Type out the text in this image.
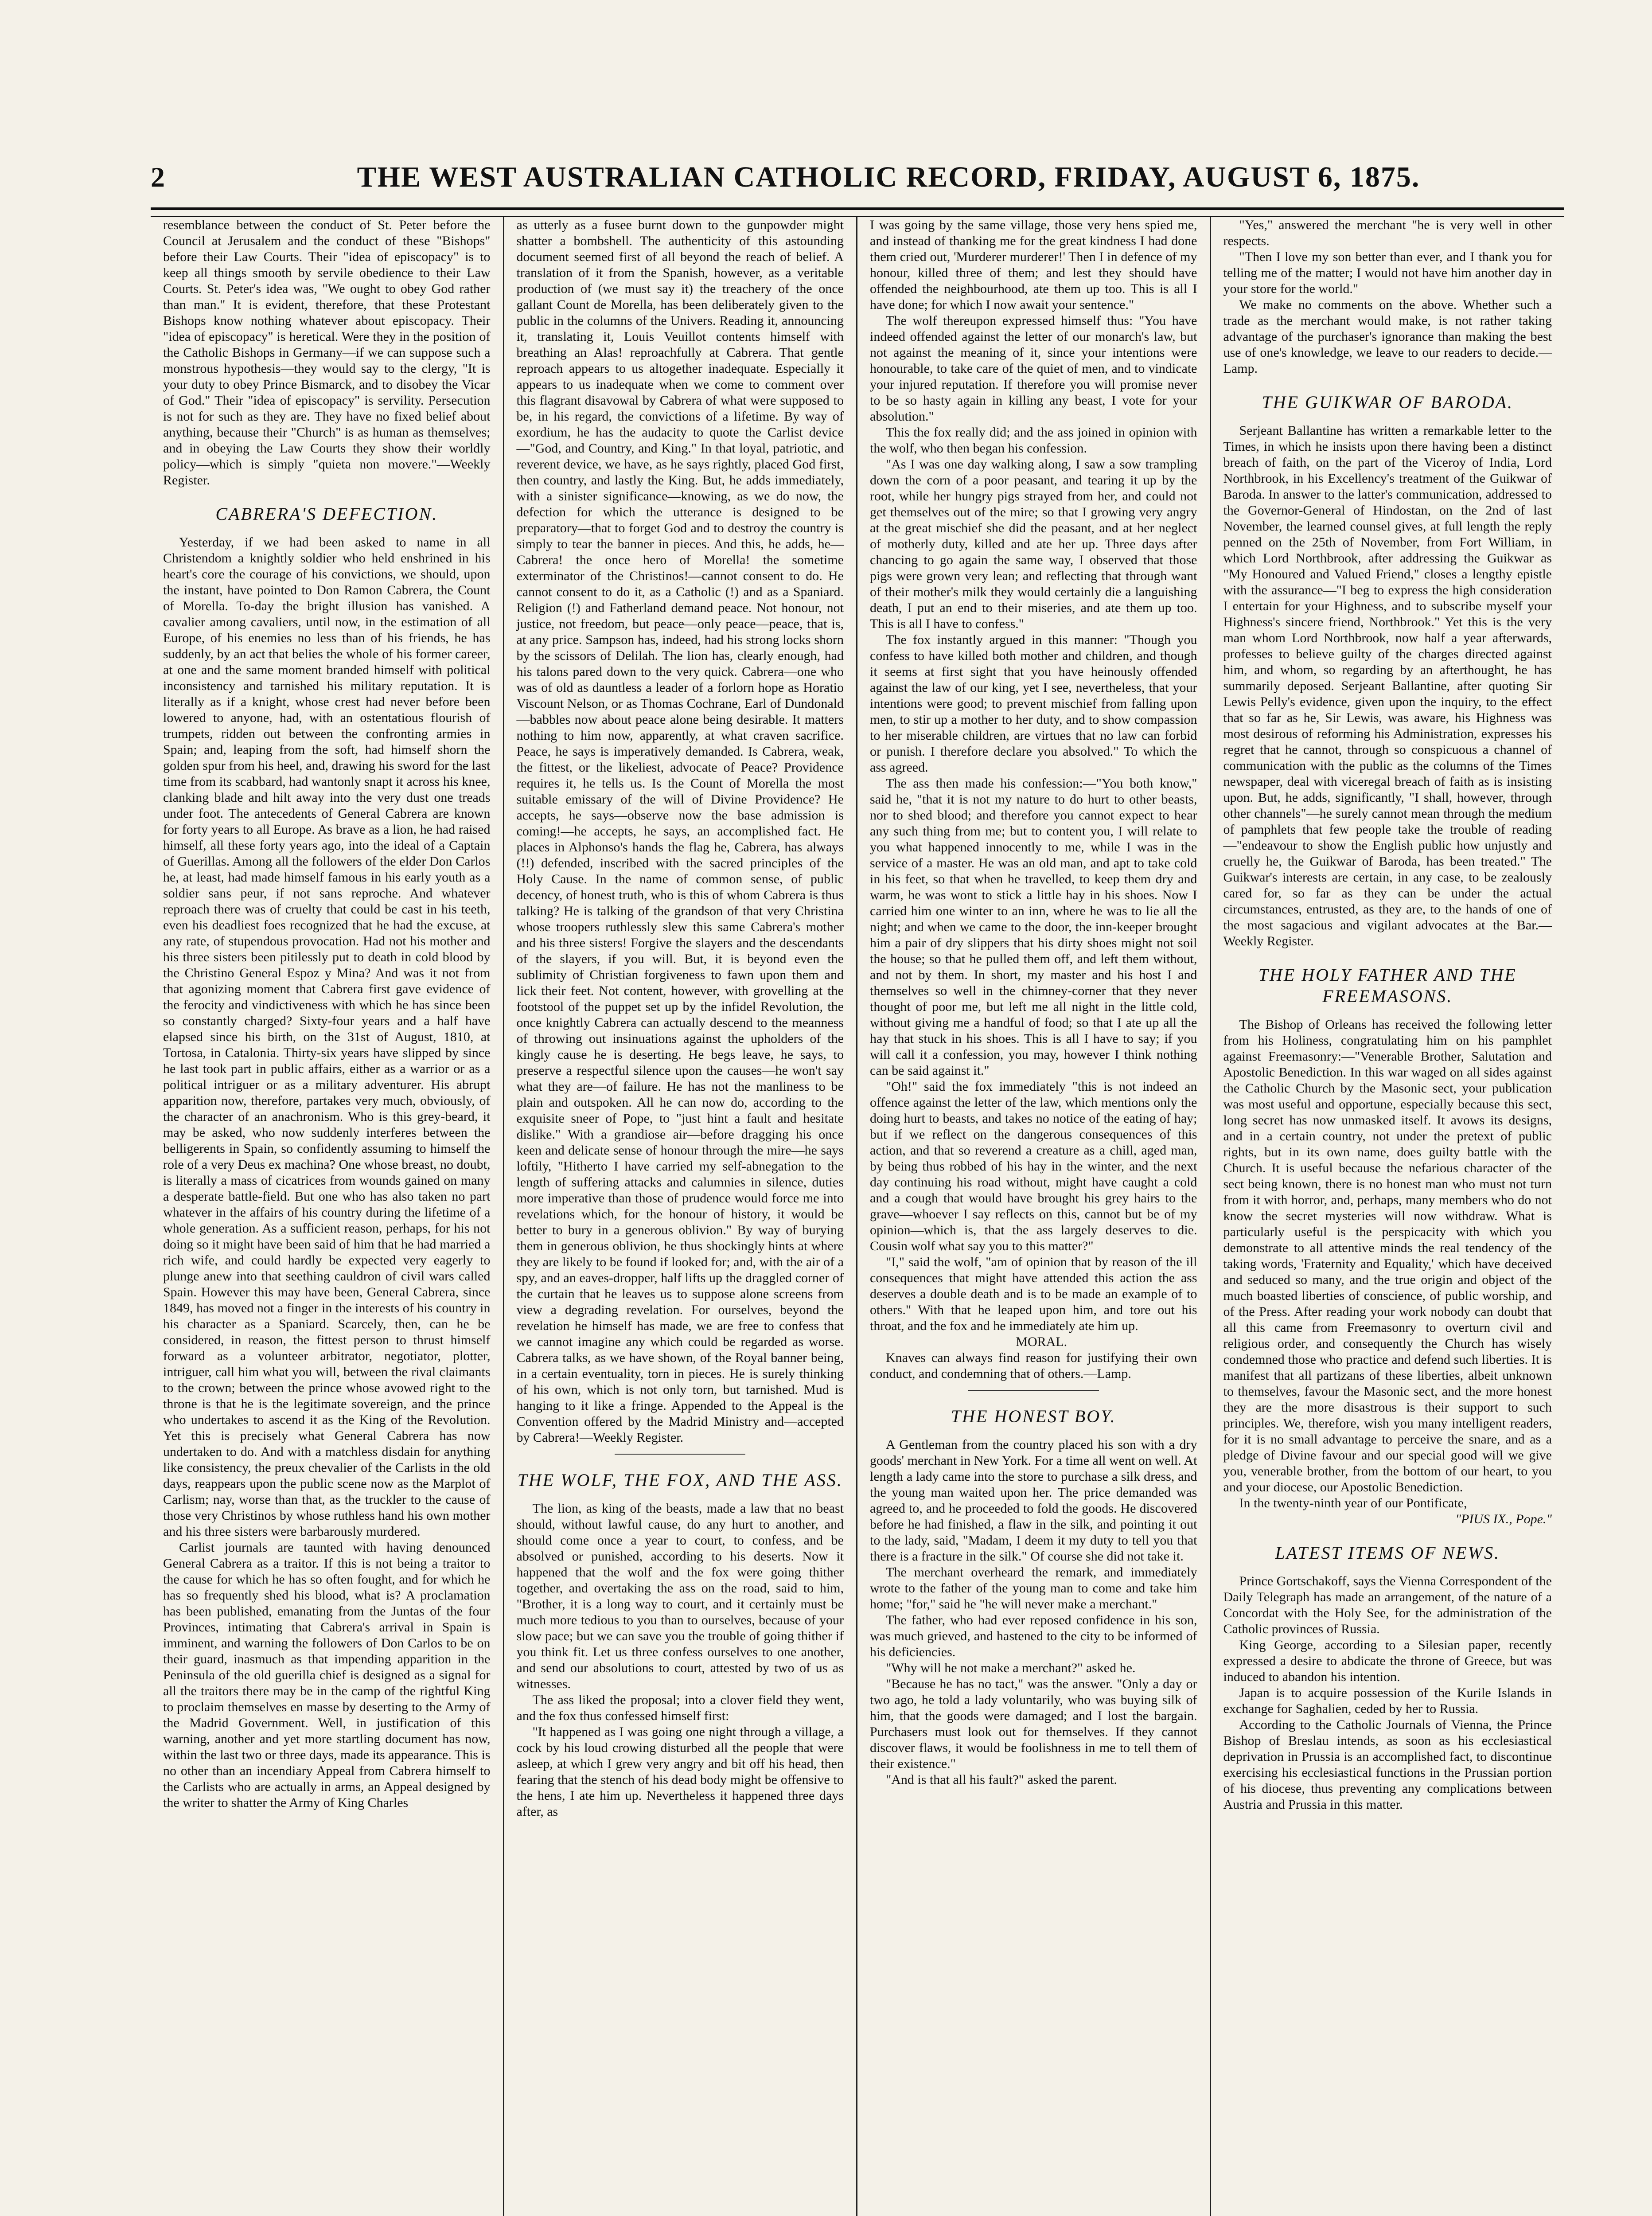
2	THE WEST AUSTRALIAN CATHOLIC RECORD, FRIDAY, AUGUST 6, 1875.

resemblance between the conduct of St. Peter before the Council at Jerusalem and the conduct of these "Bishops" before their Law Courts. Their "idea of episcopacy" is to keep all things smooth by servile obedience to their Law Courts. St. Peter's idea was, "We ought to obey God rather than man." It is evident, therefore, that these Protestant Bishops know nothing whatever about episcopacy. Their "idea of episcopacy" is heretical. Were they in the position of the Catholic Bishops in Germany—if we can suppose such a monstrous hypothesis—they would say to the clergy, "It is your duty to obey Prince Bismarck, and to disobey the Vicar of God." Their "idea of episcopacy" is servility. Persecution is not for such as they are. They have no fixed belief about anything, because their "Church" is as human as themselves; and in obeying the Law Courts they show their worldly policy—which is simply "quieta non movere."—Weekly Register.

CABRERA'S DEFECTION.

Yesterday, if we had been asked to name in all Christendom a knightly soldier who held enshrined in his heart's core the courage of his convictions, we should, upon the instant, have pointed to Don Ramon Cabrera, the Count of Morella. To-day the bright illusion has vanished. A cavalier among cavaliers, until now, in the estimation of all Europe, of his enemies no less than of his friends, he has suddenly, by an act that belies the whole of his former career, at one and the same moment branded himself with political inconsistency and tarnished his military reputation. It is literally as if a knight, whose crest had never before been lowered to anyone, had, with an ostentatious flourish of trumpets, ridden out between the confronting armies in Spain; and, leaping from the soft, had himself shorn the golden spur from his heel, and, drawing his sword for the last time from its scabbard, had wantonly snapt it across his knee, clanking blade and hilt away into the very dust one treads under foot. The antecedents of General Cabrera are known for forty years to all Europe. As brave as a lion, he had raised himself, all these forty years ago, into the ideal of a Captain of Guerillas. Among all the followers of the elder Don Carlos he, at least, had made himself famous in his early youth as a soldier sans peur, if not sans reproche. And whatever reproach there was of cruelty that could be cast in his teeth, even his deadliest foes recognized that he had the excuse, at any rate, of stupendous provocation. Had not his mother and his three sisters been pitilessly put to death in cold blood by the Christino General Espoz y Mina? And was it not from that agonizing moment that Cabrera first gave evidence of the ferocity and vindictiveness with which he has since been so constantly charged? Sixty-four years and a half have elapsed since his birth, on the 31st of August, 1810, at Tortosa, in Catalonia. Thirty-six years have slipped by since he last took part in public affairs, either as a warrior or as a political intriguer or as a military adventurer. His abrupt apparition now, therefore, partakes very much, obviously, of the character of an anachronism. Who is this grey-beard, it may be asked, who now suddenly interferes between the belligerents in Spain, so confidently assuming to himself the role of a very Deus ex machina? One whose breast, no doubt, is literally a mass of cicatrices from wounds gained on many a desperate battle-field. But one who has also taken no part whatever in the affairs of his country during the lifetime of a whole generation. As a sufficient reason, perhaps, for his not doing so it might have been said of him that he had married a rich wife, and could hardly be expected very eagerly to plunge anew into that seething cauldron of civil wars called Spain. However this may have been, General Cabrera, since 1849, has moved not a finger in the interests of his country in his character as a Spaniard. Scarcely, then, can he be considered, in reason, the fittest person to thrust himself forward as a volunteer arbitrator, negotiator, plotter, intriguer, call him what you will, between the rival claimants to the crown; between the prince whose avowed right to the throne is that he is the legitimate sovereign, and the prince who undertakes to ascend it as the King of the Revolution. Yet this is precisely what General Cabrera has now undertaken to do. And with a matchless disdain for anything like consistency, the preux chevalier of the Carlists in the old days, reappears upon the public scene now as the Marplot of Carlism; nay, worse than that, as the truckler to the cause of those very Christinos by whose ruthless hand his own mother and his three sisters were barbarously murdered.

Carlist journals are taunted with having denounced General Cabrera as a traitor. If this is not being a traitor to the cause for which he has so often fought, and for which he has so frequently shed his blood, what is? A proclamation has been published, emanating from the Juntas of the four Provinces, intimating that Cabrera's arrival in Spain is imminent, and warning the followers of Don Carlos to be on their guard, inasmuch as that impending apparition in the Peninsula of the old guerilla chief is designed as a signal for all the traitors there may be in the camp of the rightful King to proclaim themselves en masse by deserting to the Army of the Madrid Government. Well, in justification of this warning, another and yet more startling document has now, within the last two or three days, made its appearance. This is no other than an incendiary Appeal from Cabrera himself to the Carlists who are actually in arms, an Appeal designed by the writer to shatter the Army of King Charles

as utterly as a fusee burnt down to the gunpowder might shatter a bombshell. The authenticity of this astounding document seemed first of all beyond the reach of belief. A translation of it from the Spanish, however, as a veritable production of (we must say it) the treachery of the once gallant Count de Morella, has been deliberately given to the public in the columns of the Univers. Reading it, announcing it, translating it, Louis Veuillot contents himself with breathing an Alas! reproachfully at Cabrera. That gentle reproach appears to us altogether inadequate. Especially it appears to us inadequate when we come to comment over this flagrant disavowal by Cabrera of what were supposed to be, in his regard, the convictions of a lifetime. By way of exordium, he has the audacity to quote the Carlist device—"God, and Country, and King." In that loyal, patriotic, and reverent device, we have, as he says rightly, placed God first, then country, and lastly the King. But, he adds immediately, with a sinister significance—knowing, as we do now, the defection for which the utterance is designed to be preparatory—that to forget God and to destroy the country is simply to tear the banner in pieces. And this, he adds, he—Cabrera! the once hero of Morella! the sometime exterminator of the Christinos!—cannot consent to do. He cannot consent to do it, as a Catholic (!) and as a Spaniard. Religion (!) and Fatherland demand peace. Not honour, not justice, not freedom, but peace—only peace—peace, that is, at any price. Sampson has, indeed, had his strong locks shorn by the scissors of Delilah. The lion has, clearly enough, had his talons pared down to the very quick. Cabrera—one who was of old as dauntless a leader of a forlorn hope as Horatio Viscount Nelson, or as Thomas Cochrane, Earl of Dundonald—babbles now about peace alone being desirable. It matters nothing to him now, apparently, at what craven sacrifice. Peace, he says is imperatively demanded. Is Cabrera, weak, the fittest, or the likeliest, advocate of Peace? Providence requires it, he tells us. Is the Count of Morella the most suitable emissary of the will of Divine Providence? He accepts, he says—observe now the base admission is coming!—he accepts, he says, an accomplished fact. He places in Alphonso's hands the flag he, Cabrera, has always (!!) defended, inscribed with the sacred principles of the Holy Cause. In the name of common sense, of public decency, of honest truth, who is this of whom Cabrera is thus talking? He is talking of the grandson of that very Christina whose troopers ruthlessly slew this same Cabrera's mother and his three sisters! Forgive the slayers and the descendants of the slayers, if you will. But, it is beyond even the sublimity of Christian forgiveness to fawn upon them and lick their feet. Not content, however, with grovelling at the footstool of the puppet set up by the infidel Revolution, the once knightly Cabrera can actually descend to the meanness of throwing out insinuations against the upholders of the kingly cause he is deserting. He begs leave, he says, to preserve a respectful silence upon the causes—he won't say what they are—of failure. He has not the manliness to be plain and outspoken. All he can now do, according to the exquisite sneer of Pope, to "just hint a fault and hesitate dislike." With a grandiose air—before dragging his once keen and delicate sense of honour through the mire—he says loftily, "Hitherto I have carried my self-abnegation to the length of suffering attacks and calumnies in silence, duties more imperative than those of prudence would force me into revelations which, for the honour of history, it would be better to bury in a generous oblivion." By way of burying them in generous oblivion, he thus shockingly hints at where they are likely to be found if looked for; and, with the air of a spy, and an eaves-dropper, half lifts up the draggled corner of the curtain that he leaves us to suppose alone screens from view a degrading revelation. For ourselves, beyond the revelation he himself has made, we are free to confess that we cannot imagine any which could be regarded as worse. Cabrera talks, as we have shown, of the Royal banner being, in a certain eventuality, torn in pieces. He is surely thinking of his own, which is not only torn, but tarnished. Mud is hanging to it like a fringe. Appended to the Appeal is the Convention offered by the Madrid Ministry and—accepted by Cabrera!—Weekly Register.

THE WOLF, THE FOX, AND THE ASS.

The lion, as king of the beasts, made a law that no beast should, without lawful cause, do any hurt to another, and should come once a year to court, to confess, and be absolved or punished, according to his deserts. Now it happened that the wolf and the fox were going thither together, and overtaking the ass on the road, said to him, "Brother, it is a long way to court, and it certainly must be much more tedious to you than to ourselves, because of your slow pace; but we can save you the trouble of going thither if you think fit. Let us three confess ourselves to one another, and send our absolutions to court, attested by two of us as witnesses.

The ass liked the proposal; into a clover field they went, and the fox thus confessed himself first:

"It happened as I was going one night through a village, a cock by his loud crowing disturbed all the people that were asleep, at which I grew very angry and bit off his head, then fearing that the stench of his dead body might be offensive to the hens, I ate him up. Nevertheless it happened three days after, as

I was going by the same village, those very hens spied me, and instead of thanking me for the great kindness I had done them cried out, 'Murderer murderer!' Then I in defence of my honour, killed three of them; and lest they should have offended the neighbourhood, ate them up too. This is all I have done; for which I now await your sentence."

The wolf thereupon expressed himself thus: "You have indeed offended against the letter of our monarch's law, but not against the meaning of it, since your intentions were honourable, to take care of the quiet of men, and to vindicate your injured reputation. If therefore you will promise never to be so hasty again in killing any beast, I vote for your absolution."

This the fox really did; and the ass joined in opinion with the wolf, who then began his confession.

"As I was one day walking along, I saw a sow trampling down the corn of a poor peasant, and tearing it up by the root, while her hungry pigs strayed from her, and could not get themselves out of the mire; so that I growing very angry at the great mischief she did the peasant, and at her neglect of motherly duty, killed and ate her up. Three days after chancing to go again the same way, I observed that those pigs were grown very lean; and reflecting that through want of their mother's milk they would certainly die a languishing death, I put an end to their miseries, and ate them up too. This is all I have to confess."

The fox instantly argued in this manner: "Though you confess to have killed both mother and children, and though it seems at first sight that you have heinously offended against the law of our king, yet I see, nevertheless, that your intentions were good; to prevent mischief from falling upon men, to stir up a mother to her duty, and to show compassion to her miserable children, are virtues that no law can forbid or punish. I therefore declare you absolved." To which the ass agreed.

The ass then made his confession:—"You both know," said he, "that it is not my nature to do hurt to other beasts, nor to shed blood; and therefore you cannot expect to hear any such thing from me; but to content you, I will relate to you what happened innocently to me, while I was in the service of a master. He was an old man, and apt to take cold in his feet, so that when he travelled, to keep them dry and warm, he was wont to stick a little hay in his shoes. Now I carried him one winter to an inn, where he was to lie all the night; and when we came to the door, the inn-keeper brought him a pair of dry slippers that his dirty shoes might not soil the house; so that he pulled them off, and left them without, and not by them. In short, my master and his host I and themselves so well in the chimney-corner that they never thought of poor me, but left me all night in the little cold, without giving me a handful of food; so that I ate up all the hay that stuck in his shoes. This is all I have to say; if you will call it a confession, you may, however I think nothing can be said against it."

"Oh!" said the fox immediately "this is not indeed an offence against the letter of the law, which mentions only the doing hurt to beasts, and takes no notice of the eating of hay; but if we reflect on the dangerous consequences of this action, and that so reverend a creature as a chill, aged man, by being thus robbed of his hay in the winter, and the next day continuing his road without, might have caught a cold and a cough that would have brought his grey hairs to the grave—whoever I say reflects on this, cannot but be of my opinion—which is, that the ass largely deserves to die. Cousin wolf what say you to this matter?"

"I," said the wolf, "am of opinion that by reason of the ill consequences that might have attended this action the ass deserves a double death and is to be made an example of to others." With that he leaped upon him, and tore out his throat, and the fox and he immediately ate him up.

MORAL.

Knaves can always find reason for justifying their own conduct, and condemning that of others.—Lamp.

THE HONEST BOY.

A Gentleman from the country placed his son with a dry goods' merchant in New York. For a time all went on well. At length a lady came into the store to purchase a silk dress, and the young man waited upon her. The price demanded was agreed to, and he proceeded to fold the goods. He discovered before he had finished, a flaw in the silk, and pointing it out to the lady, said, "Madam, I deem it my duty to tell you that there is a fracture in the silk." Of course she did not take it.

The merchant overheard the remark, and immediately wrote to the father of the young man to come and take him home; "for," said he "he will never make a merchant."

The father, who had ever reposed confidence in his son, was much grieved, and hastened to the city to be informed of his deficiencies.

"Why will he not make a merchant?" asked he.

"Because he has no tact," was the answer. "Only a day or two ago, he told a lady voluntarily, who was buying silk of him, that the goods were damaged; and I lost the bargain. Purchasers must look out for themselves. If they cannot discover flaws, it would be foolishness in me to tell them of their existence."

"And is that all his fault?" asked the parent.

"Yes," answered the merchant "he is very well in other respects.

"Then I love my son better than ever, and I thank you for telling me of the matter; I would not have him another day in your store for the world."

We make no comments on the above. Whether such a trade as the merchant would make, is not rather taking advantage of the purchaser's ignorance than making the best use of one's knowledge, we leave to our readers to decide.—Lamp.

THE GUIKWAR OF BARODA.

Serjeant Ballantine has written a remarkable letter to the Times, in which he insists upon there having been a distinct breach of faith, on the part of the Viceroy of India, Lord Northbrook, in his Excellency's treatment of the Guikwar of Baroda. In answer to the latter's communication, addressed to the Governor-General of Hindostan, on the 2nd of last November, the learned counsel gives, at full length the reply penned on the 25th of November, from Fort William, in which Lord Northbrook, after addressing the Guikwar as "My Honoured and Valued Friend," closes a lengthy epistle with the assurance—"I beg to express the high consideration I entertain for your Highness, and to subscribe myself your Highness's sincere friend, Northbrook." Yet this is the very man whom Lord Northbrook, now half a year afterwards, professes to believe guilty of the charges directed against him, and whom, so regarding by an afterthought, he has summarily deposed. Serjeant Ballantine, after quoting Sir Lewis Pelly's evidence, given upon the inquiry, to the effect that so far as he, Sir Lewis, was aware, his Highness was most desirous of reforming his Administration, expresses his regret that he cannot, through so conspicuous a channel of communication with the public as the columns of the Times newspaper, deal with viceregal breach of faith as is insisting upon. But, he adds, significantly, "I shall, however, through other channels"—he surely cannot mean through the medium of pamphlets that few people take the trouble of reading—"endeavour to show the English public how unjustly and cruelly he, the Guikwar of Baroda, has been treated." The Guikwar's interests are certain, in any case, to be zealously cared for, so far as they can be under the actual circumstances, entrusted, as they are, to the hands of one of the most sagacious and vigilant advocates at the Bar.—Weekly Register.

THE HOLY FATHER AND THE FREEMASONS.

The Bishop of Orleans has received the following letter from his Holiness, congratulating him on his pamphlet against Freemasonry:—"Venerable Brother, Salutation and Apostolic Benediction. In this war waged on all sides against the Catholic Church by the Masonic sect, your publication was most useful and opportune, especially because this sect, long secret has now unmasked itself. It avows its designs, and in a certain country, not under the pretext of public rights, but in its own name, does guilty battle with the Church. It is useful because the nefarious character of the sect being known, there is no honest man who must not turn from it with horror, and, perhaps, many members who do not know the secret mysteries will now withdraw. What is particularly useful is the perspicacity with which you demonstrate to all attentive minds the real tendency of the taking words, 'Fraternity and Equality,' which have deceived and seduced so many, and the true origin and object of the much boasted liberties of conscience, of public worship, and of the Press. After reading your work nobody can doubt that all this came from Freemasonry to overturn civil and religious order, and consequently the Church has wisely condemned those who practice and defend such liberties. It is manifest that all partizans of these liberties, albeit unknown to themselves, favour the Masonic sect, and the more honest they are the more disastrous is their support to such principles. We, therefore, wish you many intelligent readers, for it is no small advantage to perceive the snare, and as a pledge of Divine favour and our special good will we give you, venerable brother, from the bottom of our heart, to you and your diocese, our Apostolic Benediction.

In the twenty-ninth year of our Pontificate,

"PIUS IX., Pope."

LATEST ITEMS OF NEWS.

Prince Gortschakoff, says the Vienna Correspondent of the Daily Telegraph has made an arrangement, of the nature of a Concordat with the Holy See, for the administration of the Catholic provinces of Russia.

King George, according to a Silesian paper, recently expressed a desire to abdicate the throne of Greece, but was induced to abandon his intention.

Japan is to acquire possession of the Kurile Islands in exchange for Saghalien, ceded by her to Russia.

According to the Catholic Journals of Vienna, the Prince Bishop of Breslau intends, as soon as his ecclesiastical deprivation in Prussia is an accomplished fact, to discontinue exercising his ecclesiastical functions in the Prussian portion of his diocese, thus preventing any complications between Austria and Prussia in this matter.
